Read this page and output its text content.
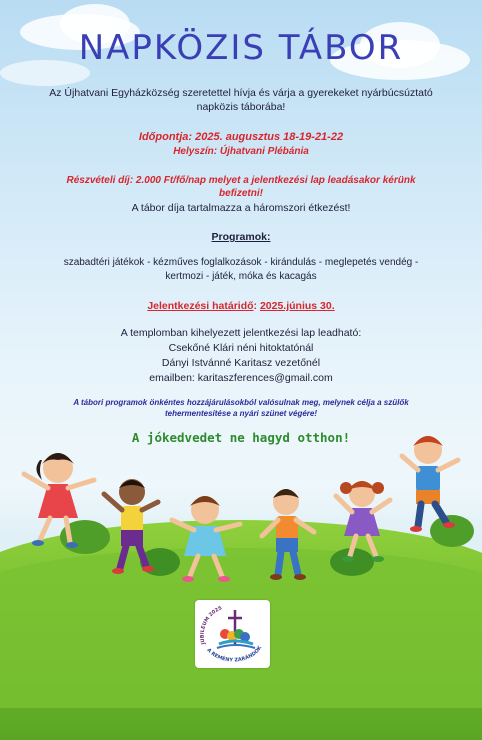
NAPKÖZIS TÁBOR
Az Újhatvani Egyházközség szeretettel hívja és várja a gyerekeket nyárbúcsúztató
napközis táborába!
Időpontja: 2025. augusztus 18-19-21-22
Helyszín: Újhatvani Plébánia
Részvételi díj: 2.000 Ft/fő/nap melyet a jelentkezési lap leadásakor kérünk
befizetni!
A tábor díja tartalmazza a háromszori étkezést!
Programok:
szabadtéri játékok - kézműves foglalkozások - kirándulás - meglepetés vendég -
kertmozi - játék, móka és kacagás
Jelentkezési határidő: 2025.június 30.
A templomban kihelyezett jelentkezési lap leadható:
Csekőné Klári néni hitoktatónál
Dányi Istvánné Karitasz vezetőnél
emailben: karitaszferences@gmail.com
A tábori programok önkéntes hozzájárulásokból valósulnak meg, melynek célja a szülők
tehermentesítése a nyári szünet végére!
A jókedvedet ne hagyd otthon!
JUBILEUM 2025
A REMÉNY ZARÁNDOK
